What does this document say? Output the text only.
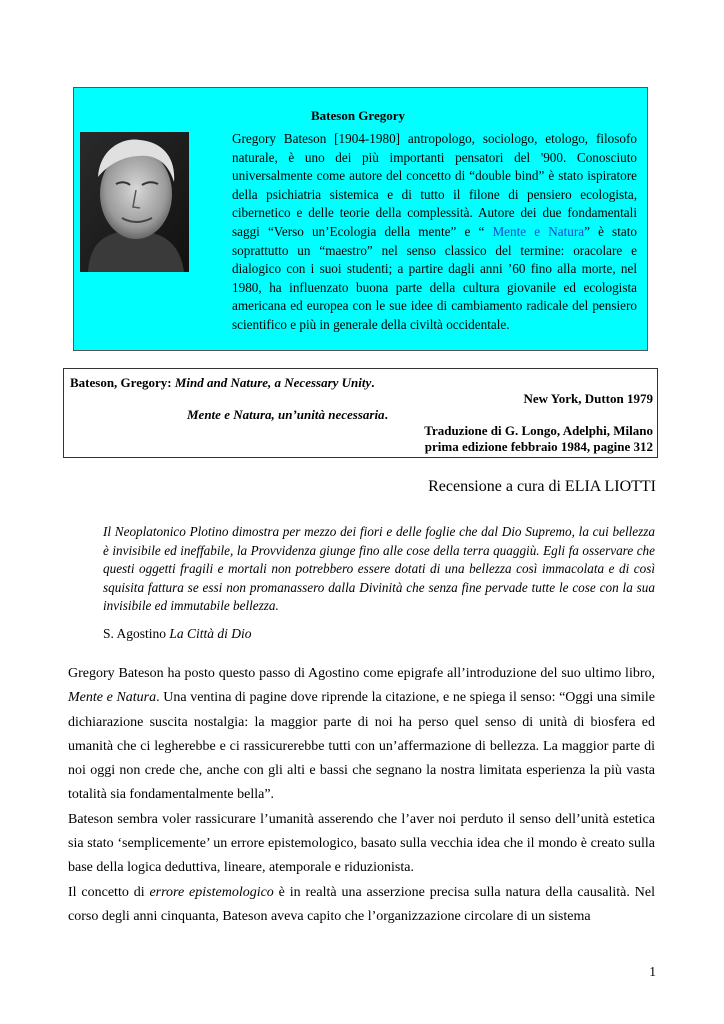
Bateson Gregory
Gregory Bateson [1904-1980] antropologo, sociologo, etologo, filosofo naturale, è uno dei più importanti pensatori del '900. Conosciuto universalmente come autore del concetto di “double bind” è stato ispiratore della psichiatria sistemica e di tutto il filone di pensiero ecologista, cibernetico e delle teorie della complessità. Autore dei due fondamentali saggi “Verso un’Ecologia della mente” e “ Mente e Natura” è stato soprattutto un “maestro” nel senso classico del termine: oracolare e dialogico con i suoi studenti; a partire dagli anni ’60 fino alla morte, nel 1980, ha influenzato buona parte della cultura giovanile ed ecologista americana ed europea con le sue idee di cambiamento radicale del pensiero scientifico e più in generale della civiltà occidentale.
Bateson, Gregory: Mind and Nature, a Necessary Unity.
New York, Dutton 1979
Mente e Natura, un’unità necessaria.
Traduzione di G. Longo, Adelphi, Milano
prima edizione febbraio 1984, pagine 312
Recensione a cura di ELIA LIOTTI
Il Neoplatonico Plotino dimostra per mezzo dei fiori e delle foglie che dal Dio Supremo, la cui bellezza è invisibile ed ineffabile, la Provvidenza giunge fino alle cose della terra quaggiù. Egli fa osservare che questi oggetti fragili e mortali non potrebbero essere dotati di una bellezza così immacolata e di così squisita fattura se essi non promanassero dalla Divinità che senza fine pervade tutte le cose con la sua invisibile ed immutabile bellezza.
S. Agostino La Città di Dio

Gregory Bateson ha posto questo passo di Agostino come epigrafe all’introduzione del suo ultimo libro, Mente e Natura. Una ventina di pagine dove riprende la citazione, e ne spiega il senso: “Oggi una simile dichiarazione suscita nostalgia: la maggior parte di noi ha perso quel senso di unità di biosfera ed umanità che ci legherebbe e ci rassicurerebbe tutti con un’affermazione di bellezza. La maggior parte di noi oggi non crede che, anche con gli alti e bassi che segnano la nostra limitata esperienza la più vasta totalità sia fondamentalmente bella”.

Bateson sembra voler rassicurare l’umanità asserendo che l’aver noi perduto il senso dell’unità estetica sia stato ‘semplicemente’ un errore epistemologico, basato sulla vecchia idea che il mondo è creato sulla base della logica deduttiva, lineare, atemporale e riduzionista.

Il concetto di errore epistemologico è in realtà una asserzione precisa sulla natura della causalità. Nel corso degli anni cinquanta, Bateson aveva capito che l’organizzazione circolare di un sistema

1
